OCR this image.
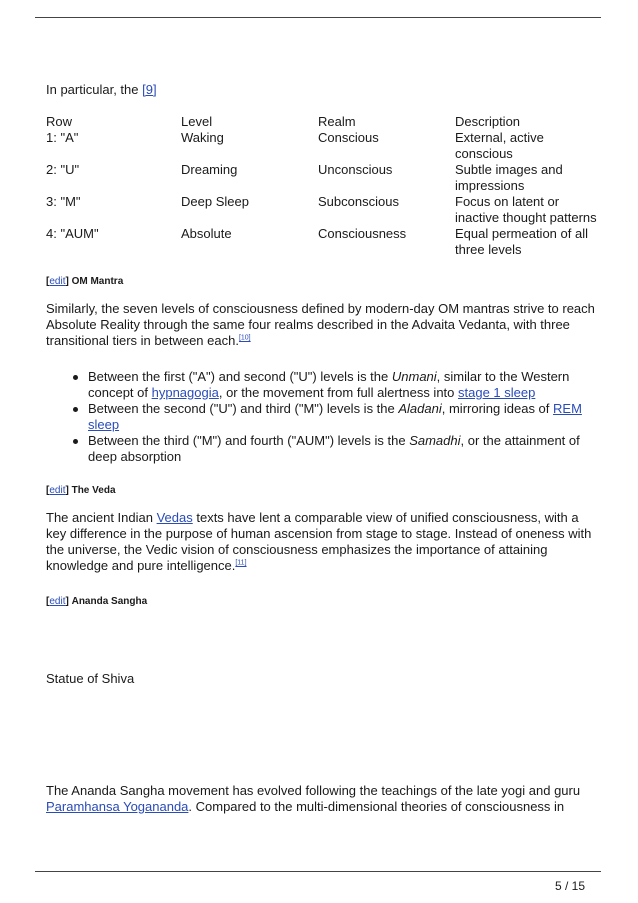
In particular, the [9]
Row	Level	Realm	Description
1: "A"	Waking	Conscious	External, active conscious
2: "U"	Dreaming	Unconscious	Subtle images and impressions
3: "M"	Deep Sleep	Subconscious	Focus on latent or inactive thought patterns
4: "AUM"	Absolute	Consciousness	Equal permeation of all three levels
[edit] OM Mantra
Similarly, the seven levels of consciousness defined by modern-day OM mantras strive to reach Absolute Reality through the same four realms described in the Advaita Vedanta, with three transitional tiers in between each.[10]
Between the first ("A") and second ("U") levels is the Unmani, similar to the Western concept of hypnagogia, or the movement from full alertness into stage 1 sleep
Between the second ("U") and third ("M") levels is the Aladani, mirroring ideas of REM sleep
Between the third ("M") and fourth ("AUM") levels is the Samadhi, or the attainment of deep absorption
[edit] The Veda
The ancient Indian Vedas texts have lent a comparable view of unified consciousness, with a key difference in the purpose of human ascension from stage to stage. Instead of oneness with the universe, the Vedic vision of consciousness emphasizes the importance of attaining knowledge and pure intelligence.[11]
[edit] Ananda Sangha
Statue of Shiva
The Ananda Sangha movement has evolved following the teachings of the late yogi and guru Paramhansa Yogananda. Compared to the multi-dimensional theories of consciousness in
5 / 15
